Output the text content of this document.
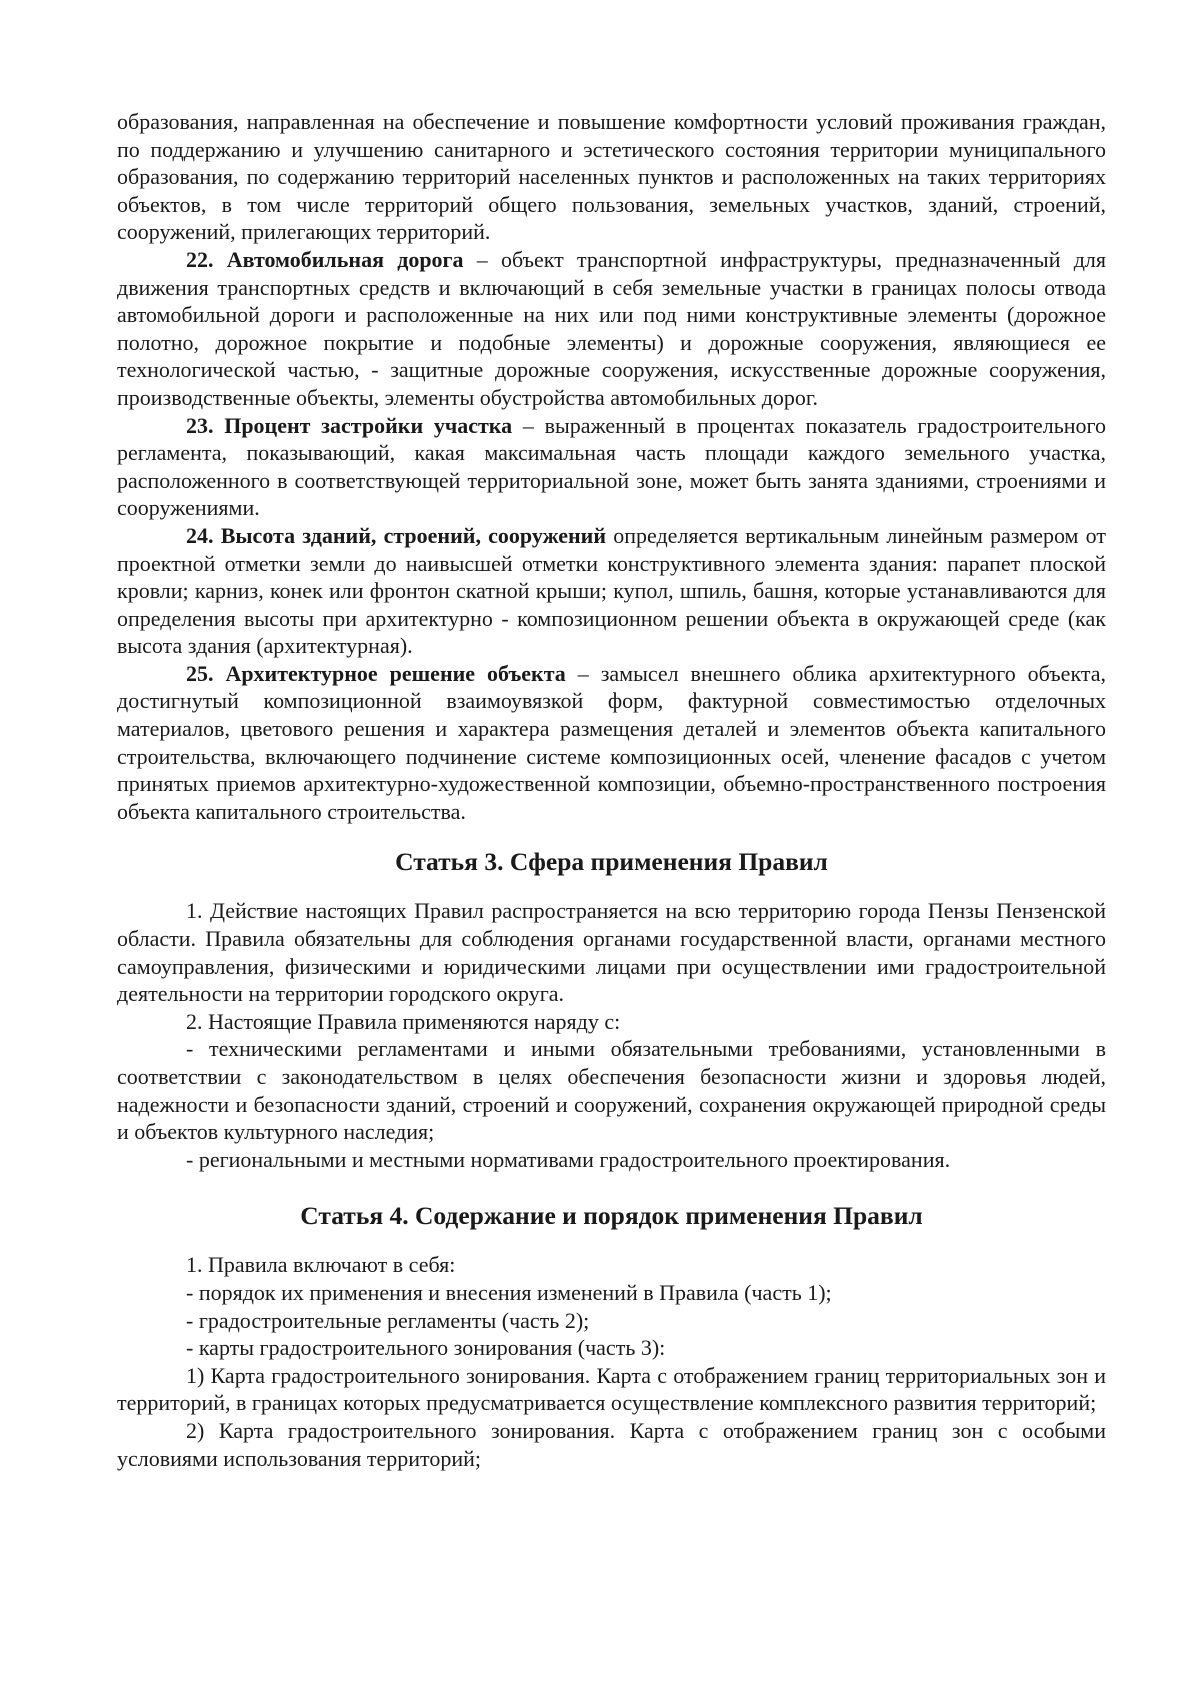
образования, направленная на обеспечение и повышение комфортности условий проживания граждан, по поддержанию и улучшению санитарного и эстетического состояния территории муниципального образования, по содержанию территорий населенных пунктов и расположенных на таких территориях объектов, в том числе территорий общего пользования, земельных участков, зданий, строений, сооружений, прилегающих территорий.

22. Автомобильная дорога – объект транспортной инфраструктуры, предназначенный для движения транспортных средств и включающий в себя земельные участки в границах полосы отвода автомобильной дороги и расположенные на них или под ними конструктивные элементы (дорожное полотно, дорожное покрытие и подобные элементы) и дорожные сооружения, являющиеся ее технологической частью, - защитные дорожные сооружения, искусственные дорожные сооружения, производственные объекты, элементы обустройства автомобильных дорог.

23. Процент застройки участка – выраженный в процентах показатель градостроительного регламента, показывающий, какая максимальная часть площади каждого земельного участка, расположенного в соответствующей территориальной зоне, может быть занята зданиями, строениями и сооружениями.

24. Высота зданий, строений, сооружений определяется вертикальным линейным размером от проектной отметки земли до наивысшей отметки конструктивного элемента здания: парапет плоской кровли; карниз, конек или фронтон скатной крыши; купол, шпиль, башня, которые устанавливаются для определения высоты при архитектурно - композиционном решении объекта в окружающей среде (как высота здания (архитектурная).

25. Архитектурное решение объекта – замысел внешнего облика архитектурного объекта, достигнутый композиционной взаимоувязкой форм, фактурной совместимостью отделочных материалов, цветового решения и характера размещения деталей и элементов объекта капитального строительства, включающего подчинение системе композиционных осей, членение фасадов с учетом принятых приемов архитектурно-художественной композиции, объемно-пространственного построения объекта капитального строительства.

Статья 3. Сфера применения Правил

1. Действие настоящих Правил распространяется на всю территорию города Пензы Пензенской области. Правила обязательны для соблюдения органами государственной власти, органами местного самоуправления, физическими и юридическими лицами при осуществлении ими градостроительной деятельности на территории городского округа.

2. Настоящие Правила применяются наряду с:

- техническими регламентами и иными обязательными требованиями, установленными в соответствии с законодательством в целях обеспечения безопасности жизни и здоровья людей, надежности и безопасности зданий, строений и сооружений, сохранения окружающей природной среды и объектов культурного наследия;

- региональными и местными нормативами градостроительного проектирования.

Статья 4. Содержание и порядок применения Правил

1. Правила включают в себя:

- порядок их применения и внесения изменений в Правила (часть 1);

- градостроительные регламенты (часть 2);

- карты градостроительного зонирования (часть 3):

1) Карта градостроительного зонирования. Карта с отображением границ территориальных зон и территорий, в границах которых предусматривается осуществление комплексного развития территорий;

2) Карта градостроительного зонирования. Карта с отображением границ зон с особыми условиями использования территорий;
